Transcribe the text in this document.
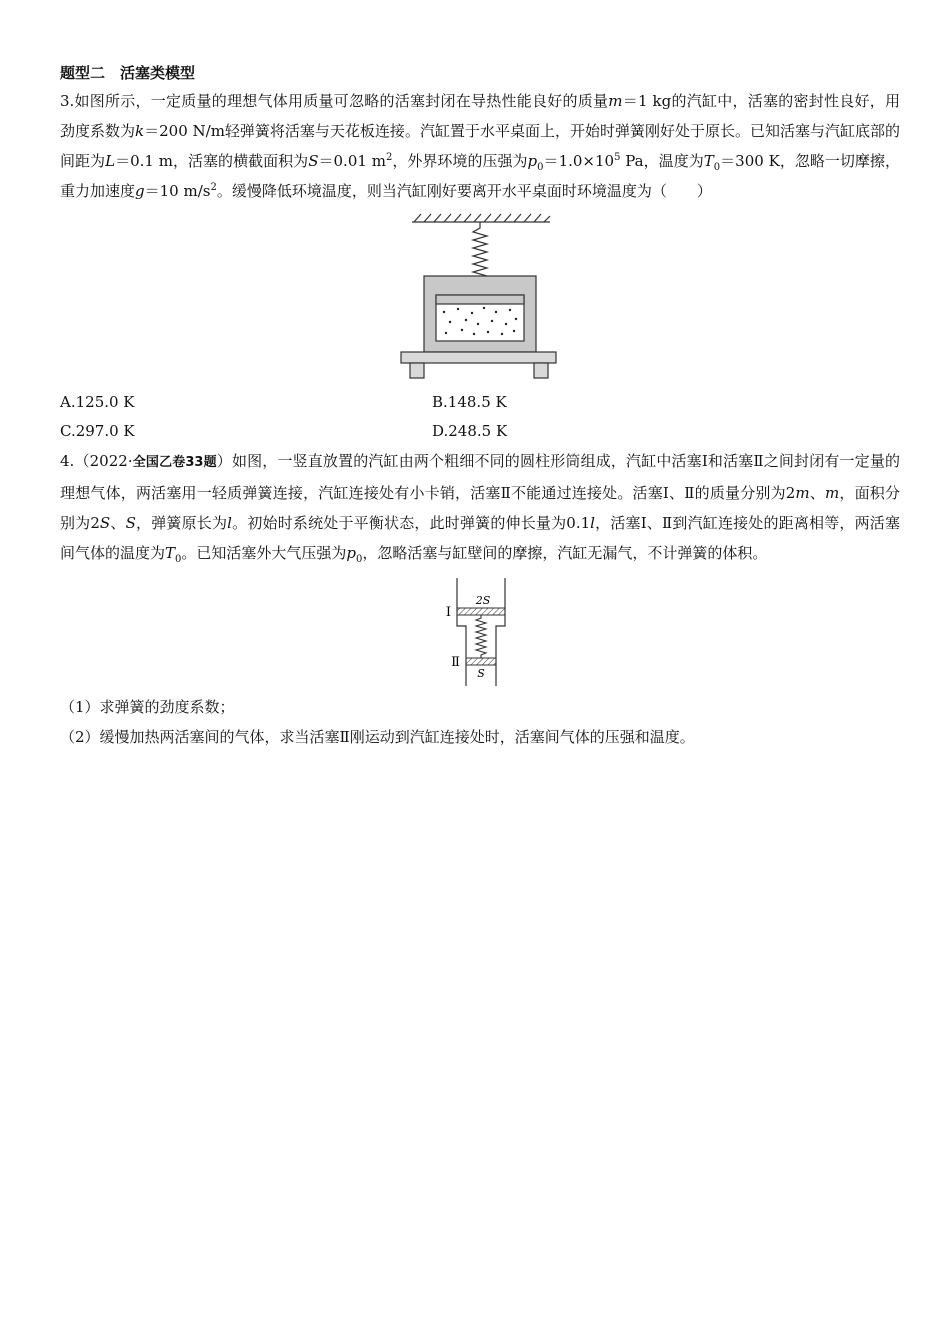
题型二　活塞类模型

3.如图所示，一定质量的理想气体用质量可忽略的活塞封闭在导热性能良好的质量m＝1 kg的汽缸中，活塞的密封性良好，用劲度系数为k＝200 N/m轻弹簧将活塞与天花板连接。汽缸置于水平桌面上，开始时弹簧刚好处于原长。已知活塞与汽缸底部的间距为L＝0.1 m，活塞的横截面积为S＝0.01 $m^2$，外界环境的压强为$p_0=1.0\times 10^5$ Pa，温度为$T_0=300$ K，忽略一切摩擦，重力加速度g＝10 $m/s^2$。缓慢降低环境温度，则当汽缸刚好要离开水平桌面时环境温度为（　　）

A.125.0 K	B.148.5 K
C.297.0 K	D.248.5 K

4.（2022·全国乙卷33题）如图，一竖直放置的汽缸由两个粗细不同的圆柱形筒组成，汽缸中活塞Ⅰ和活塞Ⅱ之间封闭有一定量的理想气体，两活塞用一轻质弹簧连接，汽缸连接处有小卡销，活塞Ⅱ不能通过连接处。活塞Ⅰ、Ⅱ的质量分别为2m、m，面积分别为2S、S，弹簧原长为l。初始时系统处于平衡状态，此时弹簧的伸长量为0.1l，活塞Ⅰ、Ⅱ到汽缸连接处的距离相等，两活塞间气体的温度为$T_0$。已知活塞外大气压强为$p_0$，忽略活塞与缸壁间的摩擦，汽缸无漏气，不计弹簧的体积。

2S
Ⅰ
S
Ⅱ

（1）求弹簧的劲度系数；

（2）缓慢加热两活塞间的气体，求当活塞Ⅱ刚运动到汽缸连接处时，活塞间气体的压强和温度。
